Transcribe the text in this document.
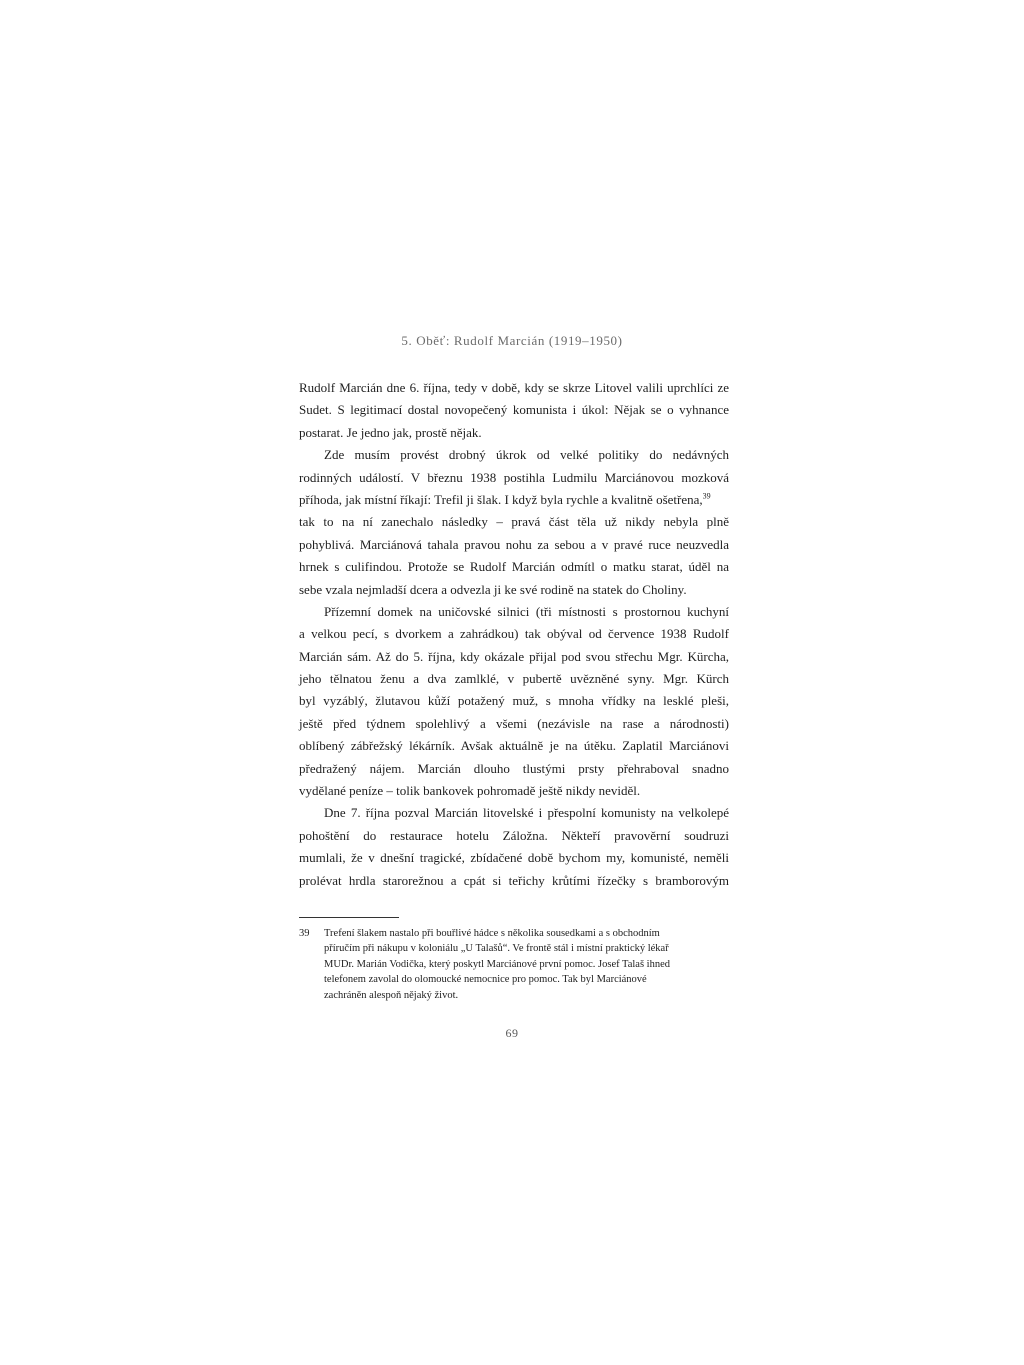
5. Oběť: Rudolf Marcián (1919–1950)
Rudolf Marcián dne 6. října, tedy v době, kdy se skrze Litovel valili uprchlíci ze
Sudet. S legitimací dostal novopečený komunista i úkol: Nějak se o vyhnance
postarat. Je jedno jak, prostě nějak.
Zde musím provést drobný úkrok od velké politiky do nedávných
rodinných událostí. V březnu 1938 postihla Ludmilu Marciánovou mozková
příhoda, jak místní říkají: Trefil ji šlak. I když byla rychle a kvalitně ošetřena,$^{39}$
tak to na ní zanechalo následky – pravá část těla už nikdy nebyla plně
pohyblivá. Marciánová tahala pravou nohu za sebou a v pravé ruce neuzvedla
hrnek s culifindou. Protože se Rudolf Marcián odmítl o matku starat, úděl na
sebe vzala nejmladší dcera a odvezla ji ke své rodině na statek do Choliny.
Přízemní domek na uničovské silnici (tři místnosti s prostornou kuchyní
a velkou pecí, s dvorkem a zahrádkou) tak obýval od července 1938 Rudolf
Marcián sám. Až do 5. října, kdy okázale přijal pod svou střechu Mgr. Kürcha,
jeho tělnatou ženu a dva zamlklé, v pubertě uvězněné syny. Mgr. Kürch
byl vyzáblý, žlutavou kůží potažený muž, s mnoha vřídky na lesklé pleši,
ještě před týdnem spolehlivý a všemi (nezávisle na rase a národnosti)
oblíbený zábřežský lékárník. Avšak aktuálně je na útěku. Zaplatil Marciánovi
předražený nájem. Marcián dlouho tlustými prsty přehraboval snadno
vydělané peníze – tolik bankovek pohromadě ještě nikdy neviděl.
Dne 7. října pozval Marcián litovelské i přespolní komunisty na velkolepé
pohoštění do restaurace hotelu Záložna. Někteří pravověrní soudruzi
mumlali, že v dnešní tragické, zbídačené době bychom my, komunisté, neměli
prolévat hrdla starorežnou a cpát si teřichy krůtími řízečky s bramborovým
39	Trefení šlakem nastalo při bouřlivé hádce s několika sousedkami a s obchodním
příručím při nákupu v koloniálu „U Talašů“. Ve frontě stál i místní praktický lékař
MUDr. Marián Vodička, který poskytl Marciánové první pomoc. Josef Talaš ihned
telefonem zavolal do olomoucké nemocnice pro pomoc. Tak byl Marciánové
zachráněn alespoň nějaký život.
69
